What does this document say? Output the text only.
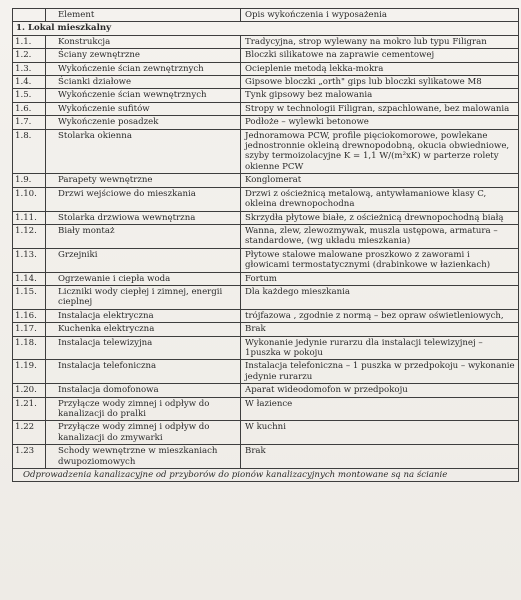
	Element	Opis wykończenia i wyposażenia
1. Lokal mieszkalny		
1.1.	Konstrukcja	Tradycyjna, strop wylewany na mokro lub typu Filigran
1.2.	Ściany zewnętrzne	Bloczki silikatowe na zaprawie cementowej
1.3.	Wykończenie ścian zewnętrznych	Ocieplenie metodą lekka-mokra
1.4.	Ścianki działowe	Gipsowe bloczki „orth" gips lub bloczki sylikatowe M8
1.5.	Wykończenie ścian wewnętrznych	Tynk gipsowy bez malowania
1.6.	Wykończenie sufitów	Stropy w technologii Filigran, szpachlowane, bez malowania
1.7.	Wykończenie posadzek	Podłoże – wylewki betonowe
1.8.	Stolarka okienna	Jednoramowa PCW, profile pięciokomorowe, powlekane jednostronnie okleiną drewnopodobną, okucia obwiedniowe, szyby termoizolacyjne K = 1,1 W/(m²xK) w parterze rolety okienne PCW
1.9.	Parapety wewnętrzne	Konglomerat
1.10.	Drzwi wejściowe do mieszkania	Drzwi z ościeżnicą metalową, antywłamaniowe klasy C, okleina drewnopochodna
1.11.	Stolarka drzwiowa wewnętrzna	Skrzydła płytowe białe, z ościeżnicą drewnopochodną białą
1.12.	Biały montaż	Wanna, zlew, zlewozmywak, muszla ustępowa, armatura – standardowe, (wg układu mieszkania)
1.13.	Grzejniki	Płytowe stalowe malowane proszkowo z zaworami i głowicami termostatycznymi (drabinkowe w łazienkach)
1.14.	Ogrzewanie i ciepła woda	Fortum
1.15.	Liczniki wody ciepłej i zimnej, energii cieplnej	Dla każdego mieszkania
1.16.	Instalacja elektryczna	trójfazowa , zgodnie z normą – bez opraw oświetleniowych,
1.17.	Kuchenka elektryczna	Brak
1.18.	Instalacja telewizyjna	Wykonanie jedynie rurarzu dla instalacji telewizyjnej – 1puszka w pokoju
1.19.	Instalacja telefoniczna	Instalacja telefoniczna – 1 puszka w przedpokoju – wykonanie jedynie rurarzu
1.20.	Instalacja domofonowa	Aparat wideodomofon w przedpokoju
1.21.	Przyłącze wody zimnej i odpływ do kanalizacji do pralki	W łazience
1.22	Przyłącze wody zimnej i odpływ do kanalizacji do zmywarki	W kuchni
1.23	Schody wewnętrzne w mieszkaniach dwupoziomowych	Brak
Odprowadzenia kanalizacyjne od przyborów do pionów kanalizacyjnych montowane są na ścianie		
